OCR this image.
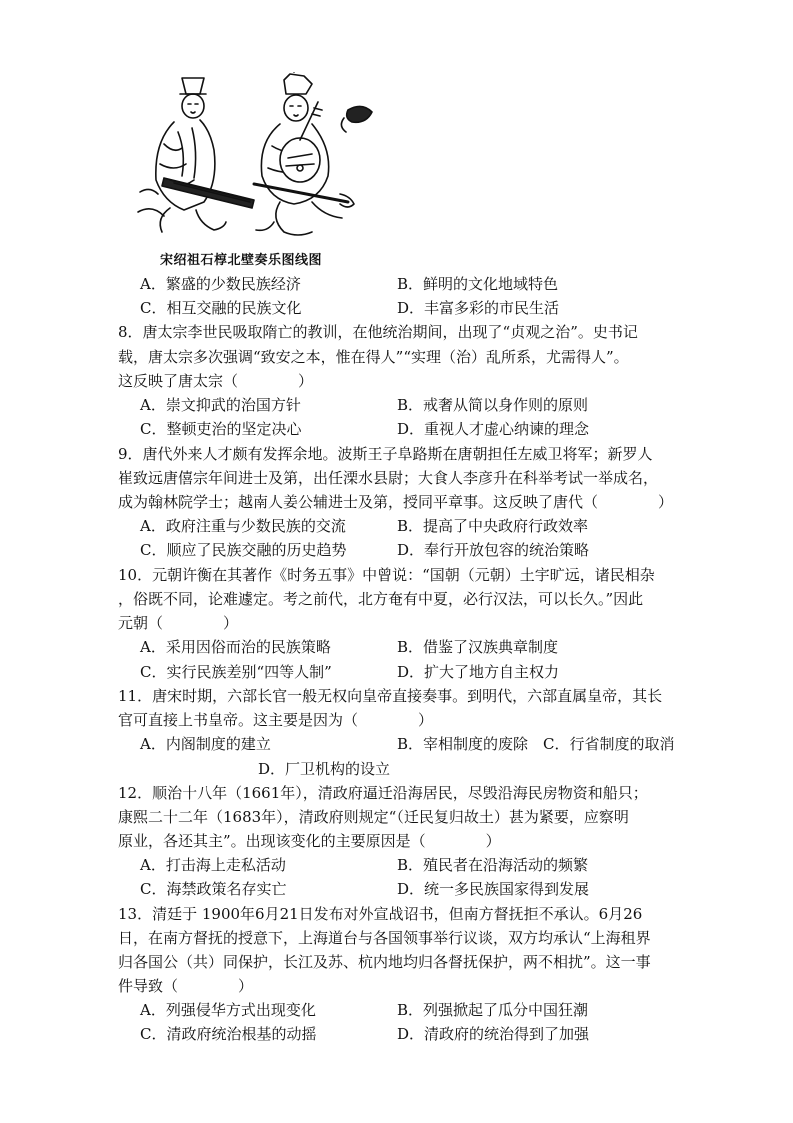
宋绍祖石椁北壁奏乐图线图
A．繁盛的少数民族经济	B．鲜明的文化地域特色
C．相互交融的民族文化	D．丰富多彩的市民生活
8．唐太宗李世民吸取隋亡的教训，在他统治期间，出现了“贞观之治”。史书记
载，唐太宗多次强调“致安之本，惟在得人”“实理（治）乱所系，尤需得人”。
这反映了唐太宗（　　　　）
A．崇文抑武的治国方针	B．戒奢从简以身作则的原则
C．整顿吏治的坚定决心	D．重视人才虚心纳谏的理念
9．唐代外来人才颇有发挥余地。波斯王子阜路斯在唐朝担任左威卫将军；新罗人
崔致远唐僖宗年间进士及第，出任溧水县尉；大食人李彦升在科举考试一举成名，
成为翰林院学士；越南人姜公辅进士及第，授同平章事。这反映了唐代（　　　　）
A．政府注重与少数民族的交流	B．提高了中央政府行政效率
C．顺应了民族交融的历史趋势	D．奉行开放包容的统治策略
10．元朝许衡在其著作《时务五事》中曾说：“国朝（元朝）土宇旷远，诸民相杂
，俗既不同，论难遽定。考之前代，北方奄有中夏，必行汉法，可以长久。”因此
元朝（　　　　）
A．采用因俗而治的民族策略	B．借鉴了汉族典章制度
C．实行民族差别“四等人制”	D．扩大了地方自主权力
11．唐宋时期，六部长官一般无权向皇帝直接奏事。到明代，六部直属皇帝，其长
官可直接上书皇帝。这主要是因为（　　　　）
A．内阁制度的建立	B．宰相制度的废除　C．行省制度的取消
D．厂卫机构的设立
12．顺治十八年（1661年），清政府逼迁沿海居民，尽毁沿海民房物资和船只；
康熙二十二年（1683年），清政府则规定“（迁民复归故土）甚为紧要，应察明
原业，各还其主”。出现该变化的主要原因是（　　　　）
A．打击海上走私活动	B．殖民者在沿海活动的频繁
C．海禁政策名存实亡	D．统一多民族国家得到发展
13．清廷于 1900年6月21日发布对外宣战诏书，但南方督抚拒不承认。6月26
日，在南方督抚的授意下，上海道台与各国领事举行议谈，双方均承认“上海租界
归各国公（共）同保护，长江及苏、杭内地均归各督抚保护，两不相扰”。这一事
件导致（　　　　）
A．列强侵华方式出现变化	B．列强掀起了瓜分中国狂潮
C．清政府统治根基的动摇	D．清政府的统治得到了加强
